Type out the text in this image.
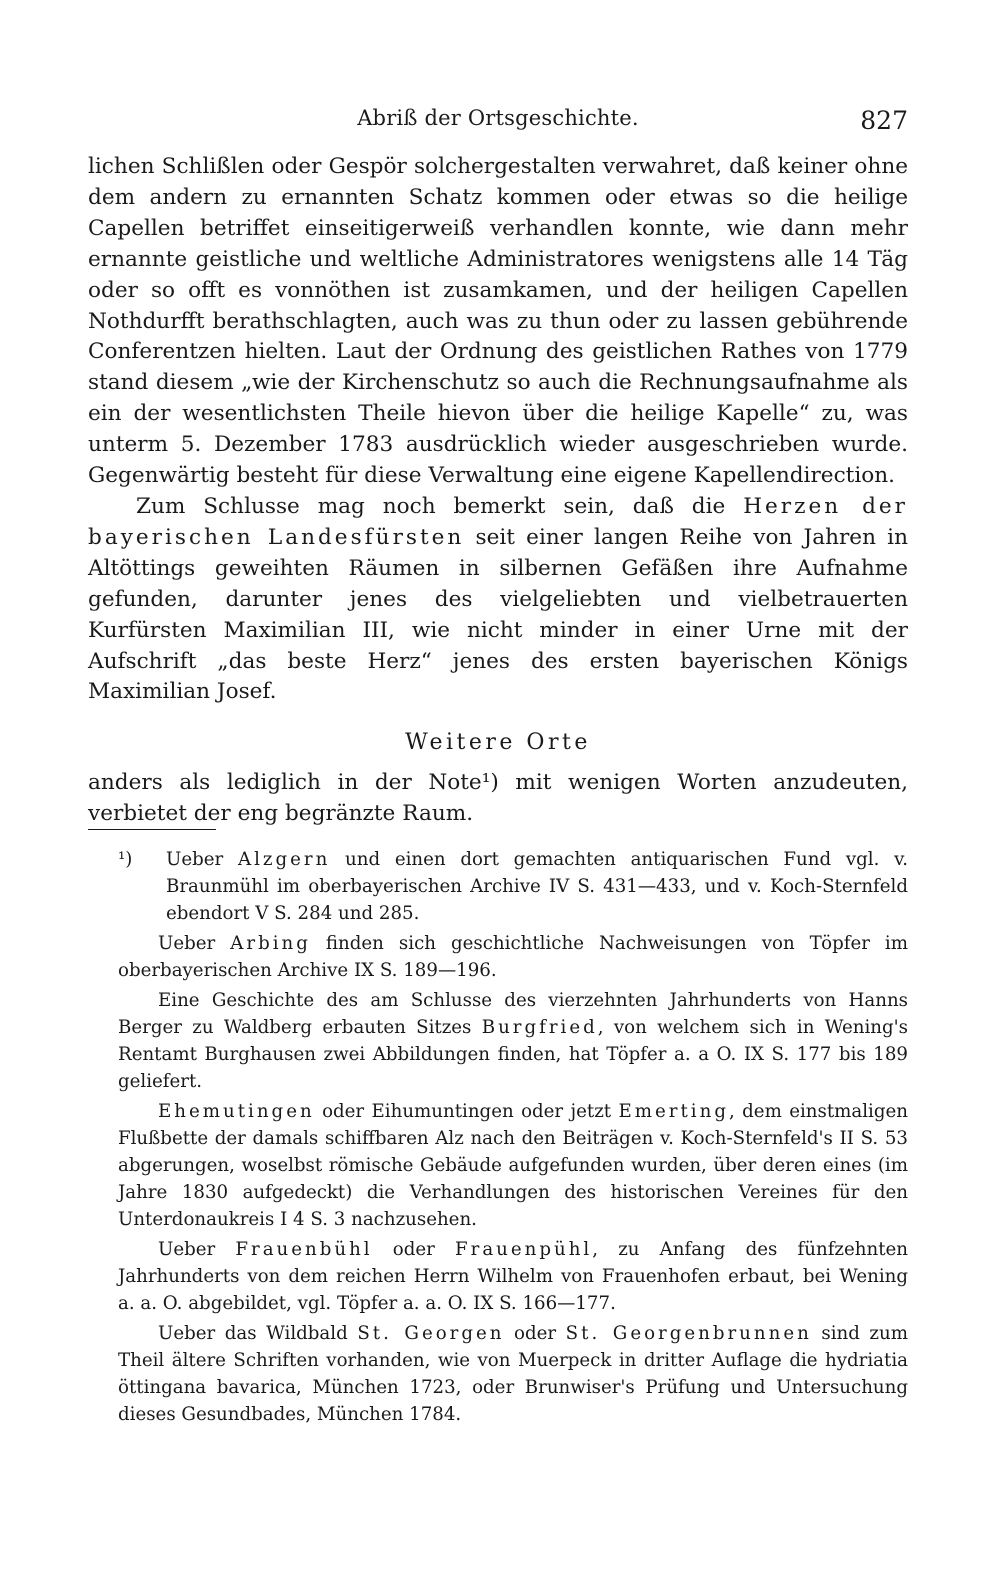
Abriß der Ortsgeschichte.	827

lichen Schlißlen oder Gespör solchergestalten verwahret, daß keiner ohne dem andern zu ernannten Schatz kommen oder etwas so die heilige Capellen betriffet einseitigerweiß verhandlen konnte, wie dann mehr ernannte geistliche und weltliche Administratores wenigstens alle 14 Täg oder so offt es vonnöthen ist zusamkamen, und der heiligen Capellen Nothdurfft berathschlagten, auch was zu thun oder zu lassen gebührende Conferentzen hielten. Laut der Ordnung des geistlichen Rathes von 1779 stand diesem „wie der Kirchenschutz so auch die Rechnungsaufnahme als ein der wesentlichsten Theile hievon über die heilige Kapelle“ zu, was unterm 5. Dezember 1783 ausdrücklich wieder ausgeschrieben wurde. Gegenwärtig besteht für diese Verwaltung eine eigene Kapellendirection.

Zum Schlusse mag noch bemerkt sein, daß die Herzen der bayerischen Landesfürsten seit einer langen Reihe von Jahren in Altöttings geweihten Räumen in silbernen Gefäßen ihre Aufnahme gefunden, darunter jenes des vielgeliebten und vielbetrauerten Kurfürsten Maximilian III, wie nicht minder in einer Urne mit der Aufschrift „das beste Herz“ jenes des ersten bayerischen Königs Maximilian Josef.

Weitere Orte

anders als lediglich in der Note¹) mit wenigen Worten anzudeuten, verbietet der eng begränzte Raum.

¹) Ueber Alzgern und einen dort gemachten antiquarischen Fund vgl. v. Braunmühl im oberbayerischen Archive IV S. 431—433, und v. Koch-Sternfeld ebendort V S. 284 und 285.

Ueber Arbing finden sich geschichtliche Nachweisungen von Töpfer im oberbayerischen Archive IX S. 189—196.

Eine Geschichte des am Schlusse des vierzehnten Jahrhunderts von Hanns Berger zu Waldberg erbauten Sitzes Burgfried, von welchem sich in Wening's Rentamt Burghausen zwei Abbildungen finden, hat Töpfer a. a O. IX S. 177 bis 189 geliefert.

Ehemutingen oder Eihumuntingen oder jetzt Emerting, dem einstmaligen Flußbette der damals schiffbaren Alz nach den Beiträgen v. Koch-Sternfeld's II S. 53 abgerungen, woselbst römische Gebäude aufgefunden wurden, über deren eines (im Jahre 1830 aufgedeckt) die Verhandlungen des historischen Vereines für den Unterdonaukreis I 4 S. 3 nachzusehen.

Ueber Frauenbühl oder Frauenpühl, zu Anfang des fünfzehnten Jahrhunderts von dem reichen Herrn Wilhelm von Frauenhofen erbaut, bei Wening a. a. O. abgebildet, vgl. Töpfer a. a. O. IX S. 166—177.

Ueber das Wildbald St. Georgen oder St. Georgenbrunnen sind zum Theil ältere Schriften vorhanden, wie von Muerpeck in dritter Auflage die hydriatia öttingana bavarica, München 1723, oder Brunwiser's Prüfung und Untersuchung dieses Gesundbades, München 1784.
